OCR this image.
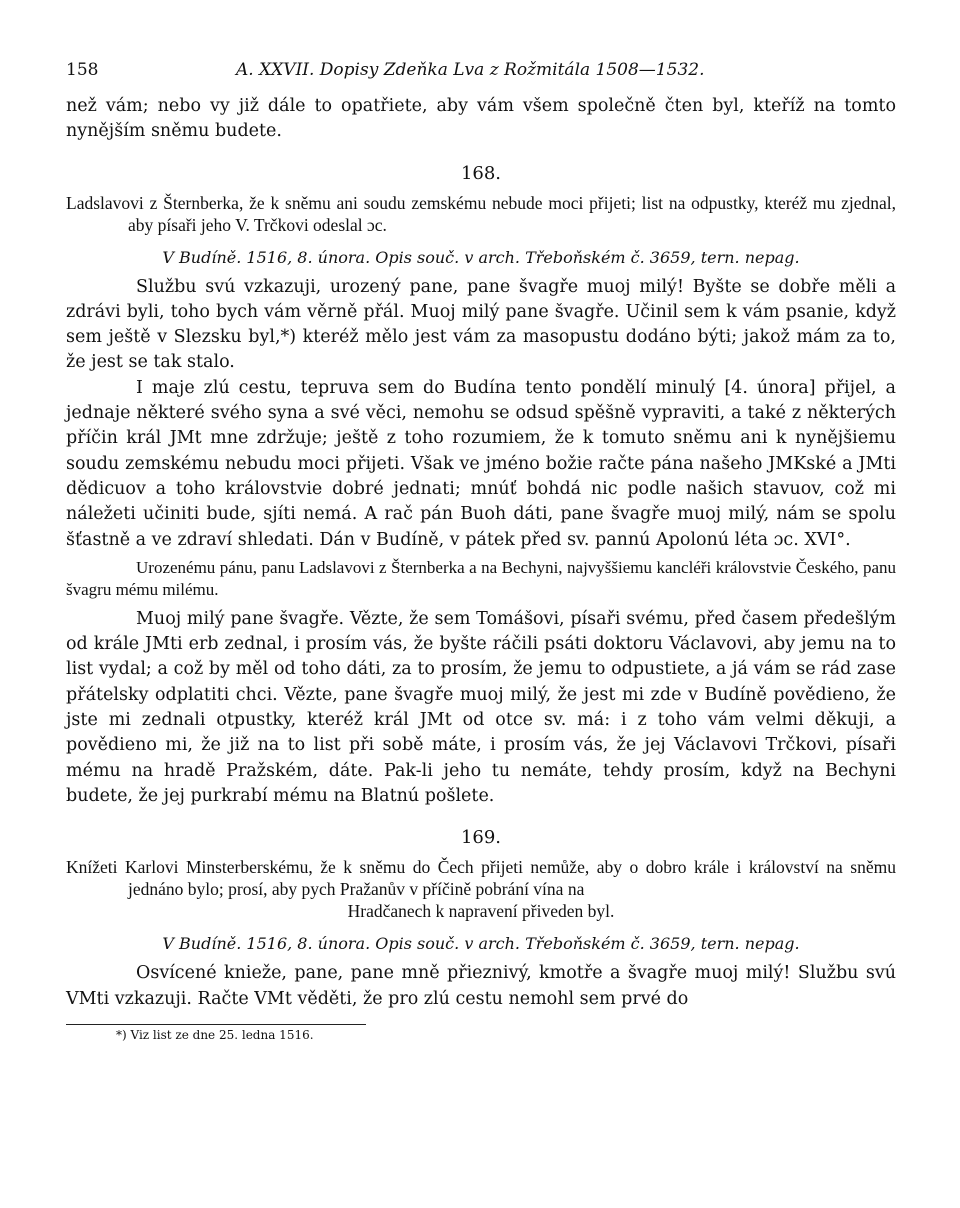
158	A. XXVII. Dopisy Zdeňka Lva z Rožmitála 1508—1532.

než vám; nebo vy již dále to opatřiete, aby vám všem společně čten byl, kteříž na tomto nynějším sněmu budete.

168.

Ladslavovi z Šternberka, že k sněmu ani soudu zemskému nebude moci přijeti; list na odpustky, kteréž mu zjednal, aby písaři jeho V. Trčkovi odeslal ɔc.

V Budíně. 1516, 8. února. Opis souč. v arch. Třeboňském č. 3659, tern. nepag.

Službu svú vzkazuji, urozený pane, pane švagře muoj milý! Byšte se dobře měli a zdrávi byli, toho bych vám věrně přál. Muoj milý pane švagře. Učinil sem k vám psanie, když sem ještě v Slezsku byl,*) kteréž mělo jest vám za masopustu dodáno býti; jakož mám za to, že jest se tak stalo.

I maje zlú cestu, tepruva sem do Budína tento pondělí minulý [4. února] přijel, a jednaje některé svého syna a své věci, nemohu se odsud spěšně vypraviti, a také z některých příčin král JMt mne zdržuje; ještě z toho rozumiem, že k tomuto sněmu ani k nynějšiemu soudu zemskému nebudu moci přijeti. Však ve jméno božie račte pána našeho JMKské a JMti dědicuov a toho královstvie dobré jednati; mnúť bohdá nic podle našich stavuov, což mi náležeti učiniti bude, sjíti nemá. A rač pán Buoh dáti, pane švagře muoj milý, nám se spolu šťastně a ve zdraví shledati. Dán v Budíně, v pátek před sv. pannú Apolonú léta ɔc. XVI°.

Urozenému pánu, panu Ladslavovi z Šternberka a na Bechyni, najvyššiemu kancléři královstvie Českého, panu švagru mému milému.

Muoj milý pane švagře. Vězte, že sem Tomášovi, písaři svému, před časem předešlým od krále JMti erb zednal, i prosím vás, že byšte ráčili psáti doktoru Václavovi, aby jemu na to list vydal; a což by měl od toho dáti, za to prosím, že jemu to odpustiete, a já vám se rád zase přátelsky odplatiti chci. Vězte, pane švagře muoj milý, že jest mi zde v Budíně povědieno, že jste mi zednali otpustky, kteréž král JMt od otce sv. má: i z toho vám velmi děkuji, a povědieno mi, že již na to list při sobě máte, i prosím vás, že jej Václavovi Trčkovi, písaři mému na hradě Pražském, dáte. Pak-li jeho tu nemáte, tehdy prosím, když na Bechyni budete, že jej purkrabí mému na Blatnú pošlete.

169.

Knížeti Karlovi Minsterberskému, že k sněmu do Čech přijeti nemůže, aby o dobro krále i království na sněmu jednáno bylo; prosí, aby pych Pražanův v příčině pobrání vína na

Hradčanech k napravení přiveden byl.

V Budíně. 1516, 8. února. Opis souč. v arch. Třeboňském č. 3659, tern. nepag.

Osvícené knieže, pane, pane mně přieznivý, kmotře a švagře muoj milý! Službu svú VMti vzkazuji. Račte VMt věděti, že pro zlú cestu nemohl sem prvé do

*) Viz list ze dne 25. ledna 1516.
